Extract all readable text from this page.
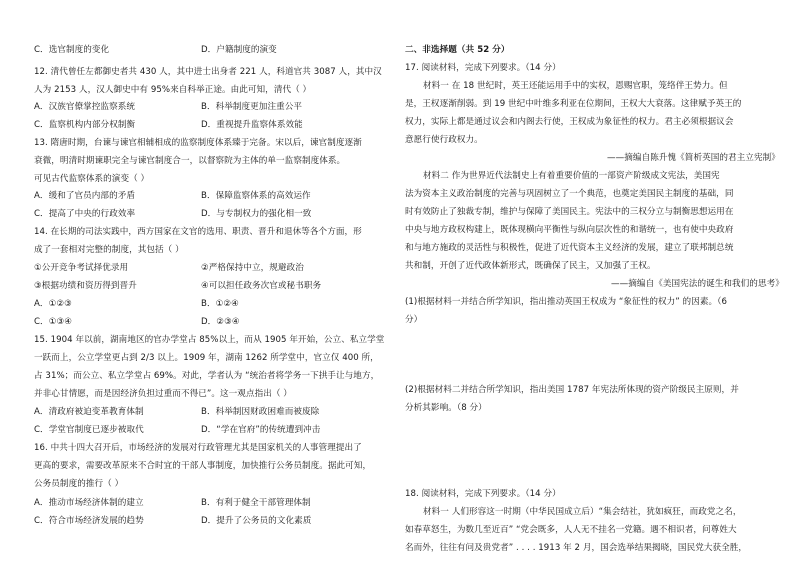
C．选官制度的变化	D．户籍制度的演变
12. 清代曾任左都御史者共 430 人，其中进士出身者 221 人，科道官共 3087 人，其中汉
人为 2153 人，汉人御史中有 95%来自科举正途。由此可知，清代（ ）
A．汉族官僚掌控监察系统	B．科举制度更加注重公平
C．监察机构内部分权制衡	D．重视提升监察体系效能
13. 隋唐时期，台谏与谏官相辅相成的监察制度体系臻于完备。宋以后，谏官制度逐渐
衰微，明清时期谏职完全与谏官制度合一，以督察院为主体的单一监察制度体系。
可见古代监察体系的演变（ ）
A．缓和了官员内部的矛盾	B．保障监察体系的高效运作
C．提高了中央的行政效率	D．与专制权力的强化相一致
14. 在长期的司法实践中，西方国家在文官的选用、职责、晋升和退休等各个方面，形
成了一套相对完整的制度，其包括（ ）
①公开竞争考试择优录用	②严格保持中立，规避政治
③根据功绩和资历得到晋升	④可以担任政务次官或秘书职务
A．①②③	B．①②④
C．①③④	D．②③④
15. 1904 年以前，湖南地区的官办学堂占 85%以上，而从 1905 年开始，公立、私立学堂
一跃而上，公立学堂更占到 2/3 以上。1909 年，湖南 1262 所学堂中，官立仅 400 所，
占 31%；而公立、私立学堂占 69%。对此，学者认为 “统治者将学务一下拱手让与地方，
并非心甘情愿，而是因经济负担过重而不得已”。这一观点指出（ ）
A．清政府被迫变革教育体制	B．科举制因财政困难而被废除
C．学堂官制度已逐步被取代	D．“学在官府”的传统遭到冲击
16. 中共十四大召开后，市场经济的发展对行政管理尤其是国家机关的人事管理提出了
更高的要求，需要改革原来不合时宜的干部人事制度，加快推行公务员制度。据此可知，
公务员制度的推行（ ）
A．推动市场经济体制的建立	B．有利于健全干部管理体制
C．符合市场经济发展的趋势	D．提升了公务员的文化素质
二、非选择题（共 52 分）
17. 阅读材料，完成下列要求。（14 分）
材料一 在 18 世纪时，英王还能运用手中的实权，恩赐官职，笼络伴王势力。但
是，王权逐渐削弱。到 19 世纪中叶维多利亚在位期间，王权大大衰落。这律赋予英王的
权力，实际上都是通过议会和内阁去行使，王权成为象征性的权力。君主必须根据议会
意愿行使行政权力。
——摘编自陈升愧《简析英国的君主立宪制》
材料二 作为世界近代法制史上有着重要价值的一部资产阶级成文宪法，美国宪
法为资本主义政治制度的完善与巩固树立了一个典范，也奠定美国民主制度的基础，同
时有效防止了独裁专制，维护与保障了美国民主。宪法中的三权分立与制衡思想运用在
中央与地方政权构建上，既体现横向平衡性与纵向层次性的和谐统一，也有使中央政府
和与地方施政的灵活性与积极性，促进了近代资本主义经济的发展，建立了联邦制总统
共和制，开创了近代政体新形式，既确保了民主，又加强了王权。
——摘编自《美国宪法的诞生和我们的思考》
(1)根据材料一并结合所学知识，指出推动英国王权成为 “象征性的权力” 的因素。（6
分）
(2)根据材料二并结合所学知识，指出美国 1787 年宪法所体现的资产阶级民主原则，并
分析其影响。（8 分）
18. 阅读材料，完成下列要求。（14 分）
材料一 人们形容这一时期（中华民国成立后）“集会结社，犹如疯狂，而政党之名，
如春草怒生，为数几至近百” “党会既多，人人无不挂名一党籍。遇不相识者，问尊姓大
名而外，往往有问及贵党者” . . . . 1913 年 2 月，国会选举结果揭晓，国民党大获全胜，
